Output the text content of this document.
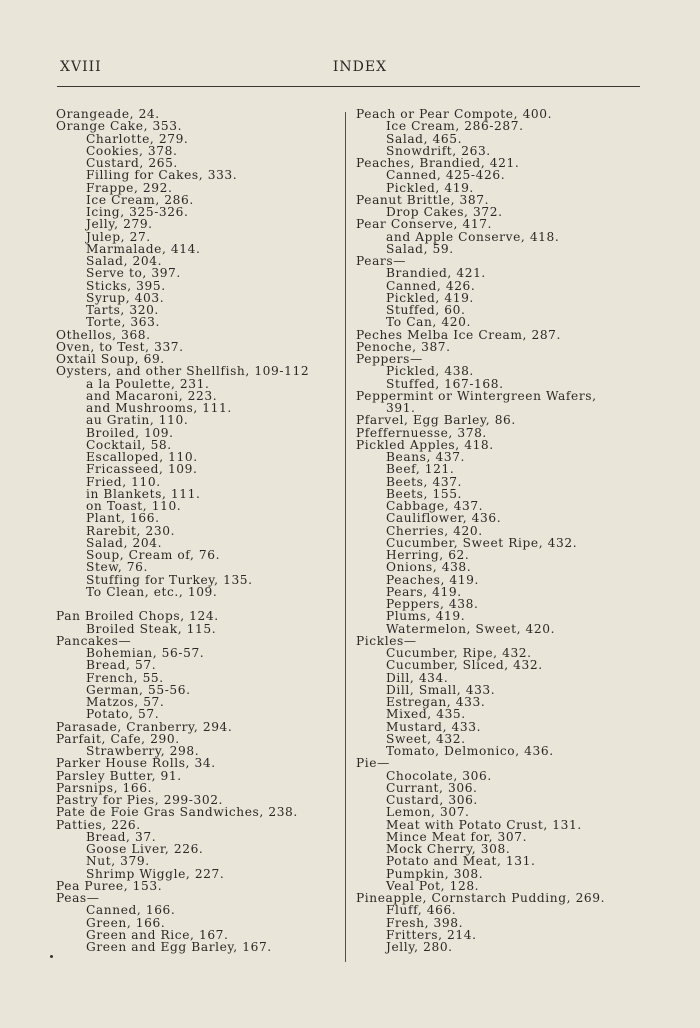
XVIII	INDEX
Orangeade, 24.
Orange Cake, 353.
Charlotte, 279.
Cookies, 378.
Custard, 265.
Filling for Cakes, 333.
Frappe, 292.
Ice Cream, 286.
Icing, 325-326.
Jelly, 279.
Julep, 27.
Marmalade, 414.
Salad, 204.
Serve to, 397.
Sticks, 395.
Syrup, 403.
Tarts, 320.
Torte, 363.
Othellos, 368.
Oven, to Test, 337.
Oxtail Soup, 69.
Oysters, and other Shellfish, 109-112
a la Poulette, 231.
and Macaroni, 223.
and Mushrooms, 111.
au Gratin, 110.
Broiled, 109.
Cocktail, 58.
Escalloped, 110.
Fricasseed, 109.
Fried, 110.
in Blankets, 111.
on Toast, 110.
Plant, 166.
Rarebit, 230.
Salad, 204.
Soup, Cream of, 76.
Stew, 76.
Stuffing for Turkey, 135.
To Clean, etc., 109.
Pan Broiled Chops, 124.
Broiled Steak, 115.
Pancakes—
Bohemian, 56-57.
Bread, 57.
French, 55.
German, 55-56.
Matzos, 57.
Potato, 57.
Parasade, Cranberry, 294.
Parfait, Cafe, 290.
Strawberry, 298.
Parker House Rolls, 34.
Parsley Butter, 91.
Parsnips, 166.
Pastry for Pies, 299-302.
Pate de Foie Gras Sandwiches, 238.
Patties, 226.
Bread, 37.
Goose Liver, 226.
Nut, 379.
Shrimp Wiggle, 227.
Pea Puree, 153.
Peas—
Canned, 166.
Green, 166.
Green and Rice, 167.
Green and Egg Barley, 167.
Peach or Pear Compote, 400.
Ice Cream, 286-287.
Salad, 465.
Snowdrift, 263.
Peaches, Brandied, 421.
Canned, 425-426.
Pickled, 419.
Peanut Brittle, 387.
Drop Cakes, 372.
Pear Conserve, 417.
and Apple Conserve, 418.
Salad, 59.
Pears—
Brandied, 421.
Canned, 426.
Pickled, 419.
Stuffed, 60.
To Can, 420.
Peches Melba Ice Cream, 287.
Penoche, 387.
Peppers—
Pickled, 438.
Stuffed, 167-168.
Peppermint or Wintergreen Wafers,
391.
Pfarvel, Egg Barley, 86.
Pfeffernuesse, 378.
Pickled Apples, 418.
Beans, 437.
Beef, 121.
Beets, 437.
Beets, 155.
Cabbage, 437.
Cauliflower, 436.
Cherries, 420.
Cucumber, Sweet Ripe, 432.
Herring, 62.
Onions, 438.
Peaches, 419.
Pears, 419.
Peppers, 438.
Plums, 419.
Watermelon, Sweet, 420.
Pickles—
Cucumber, Ripe, 432.
Cucumber, Sliced, 432.
Dill, 434.
Dill, Small, 433.
Estregan, 433.
Mixed, 435.
Mustard, 433.
Sweet, 432.
Tomato, Delmonico, 436.
Pie—
Chocolate, 306.
Currant, 306.
Custard, 306.
Lemon, 307.
Meat with Potato Crust, 131.
Mince Meat for, 307.
Mock Cherry, 308.
Potato and Meat, 131.
Pumpkin, 308.
Veal Pot, 128.
Pineapple, Cornstarch Pudding, 269.
Fluff, 466.
Fresh, 398.
Fritters, 214.
Jelly, 280.
